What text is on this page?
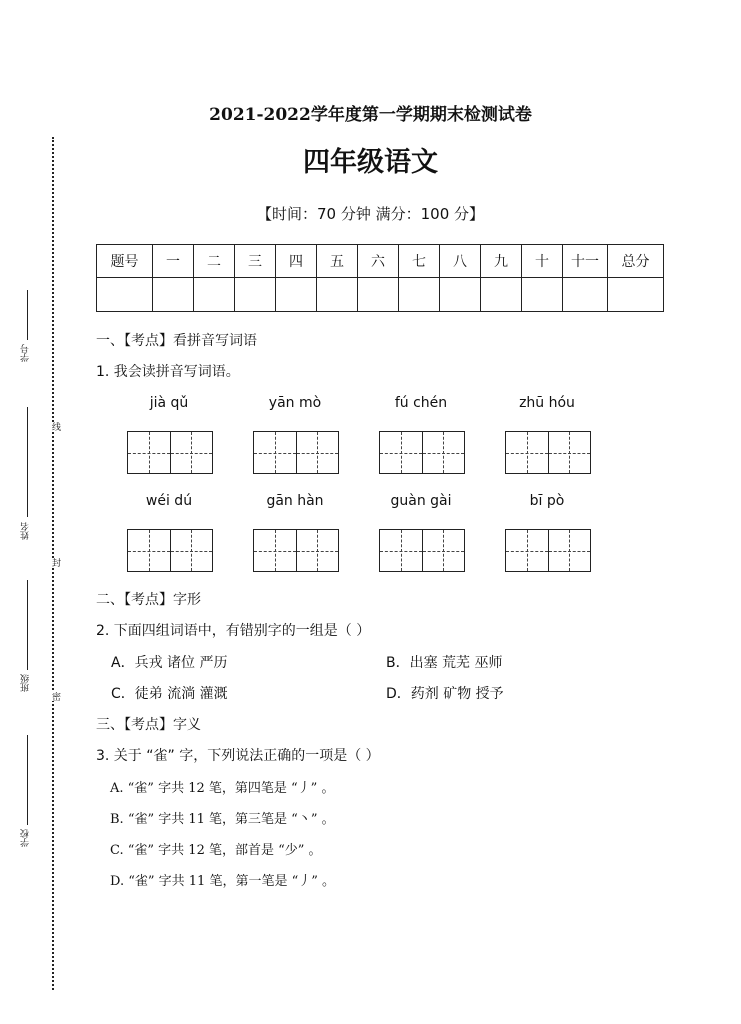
学号
姓名
班级
学校
线
封
密
2021-2022学年度第一学期期末检测试卷
四年级语文
【时间：70 分钟 满分：100 分】
题号	一	二	三	四	五	六	七	八	九	十	十一	总分

一、【考点】看拼音写词语
1. 我会读拼音写词语。
jià qǔ	yān mò	fú chén	zhū hóu
wéi dú	gān hàn	guàn gài	bī pò
二、【考点】字形
2. 下面四组词语中，有错别字的一组是（ ）
A．兵戎 诸位 严历	B．出塞 荒芜 巫师
C．徒弟 流淌 灌溉	D．药剂 矿物 授予
三、【考点】字义
3. 关于 “雀” 字，下列说法正确的一项是（ ）
A. “雀” 字共 12 笔，第四笔是 “丿” 。
B. “雀” 字共 11 笔，第三笔是 “丶” 。
C. “雀” 字共 12 笔，部首是 “少” 。
D. “雀” 字共 11 笔，第一笔是 “丿” 。
